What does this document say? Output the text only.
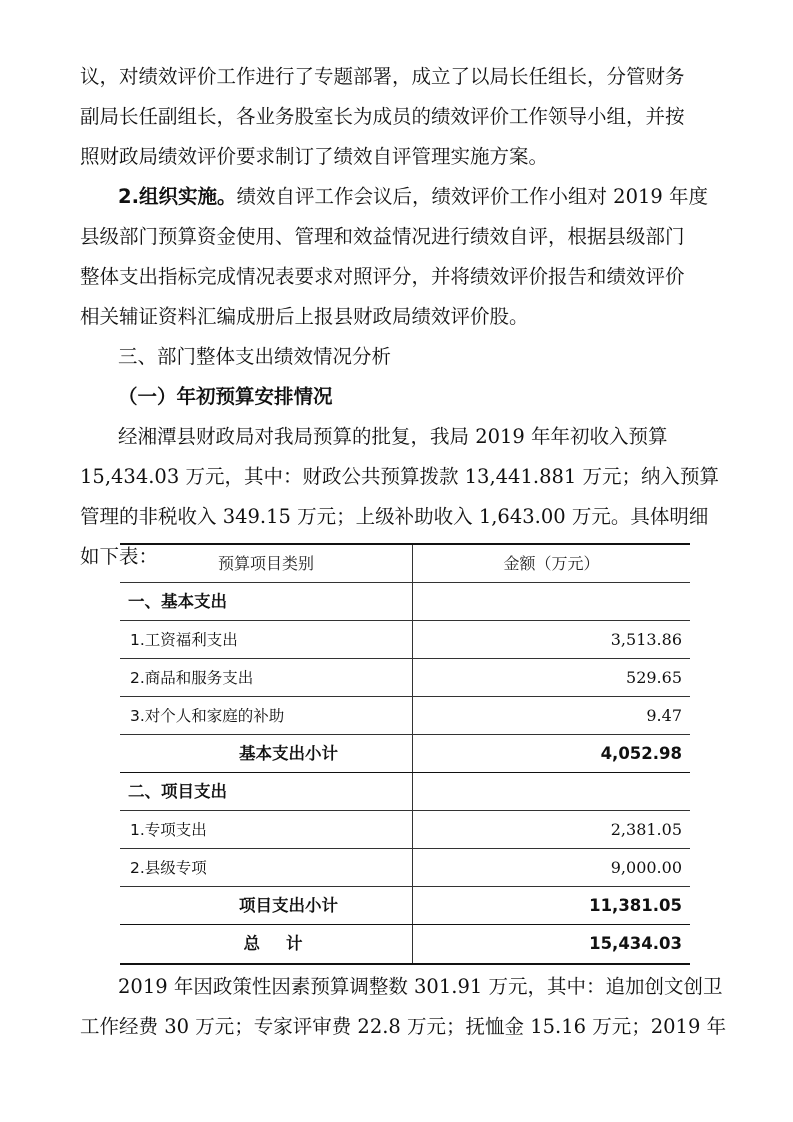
议，对绩效评价工作进行了专题部署，成立了以局长任组长，分管财务
副局长任副组长，各业务股室长为成员的绩效评价工作领导小组，并按
照财政局绩效评价要求制订了绩效自评管理实施方案。
2.组织实施。绩效自评工作会议后，绩效评价工作小组对 2019 年度
县级部门预算资金使用、管理和效益情况进行绩效自评，根据县级部门
整体支出指标完成情况表要求对照评分，并将绩效评价报告和绩效评价
相关辅证资料汇编成册后上报县财政局绩效评价股。
三、部门整体支出绩效情况分析
（一）年初预算安排情况
经湘潭县财政局对我局预算的批复，我局 2019 年年初收入预算
15,434.03 万元，其中：财政公共预算拨款 13,441.881 万元；纳入预算
管理的非税收入 349.15 万元；上级补助收入 1,643.00 万元。具体明细
如下表：	预算项目类别	金额（万元）
一、基本支出
1.工资福利支出	3,513.86
2.商品和服务支出	529.65
3.对个人和家庭的补助	9.47
基本支出小计	4,052.98
二、项目支出
1.专项支出	2,381.05
2.县级专项	9,000.00
项目支出小计	11,381.05
总计	15,434.03
2019 年因政策性因素预算调整数 301.91 万元，其中：追加创文创卫
工作经费 30 万元；专家评审费 22.8 万元；抚恤金 15.16 万元；2019 年
